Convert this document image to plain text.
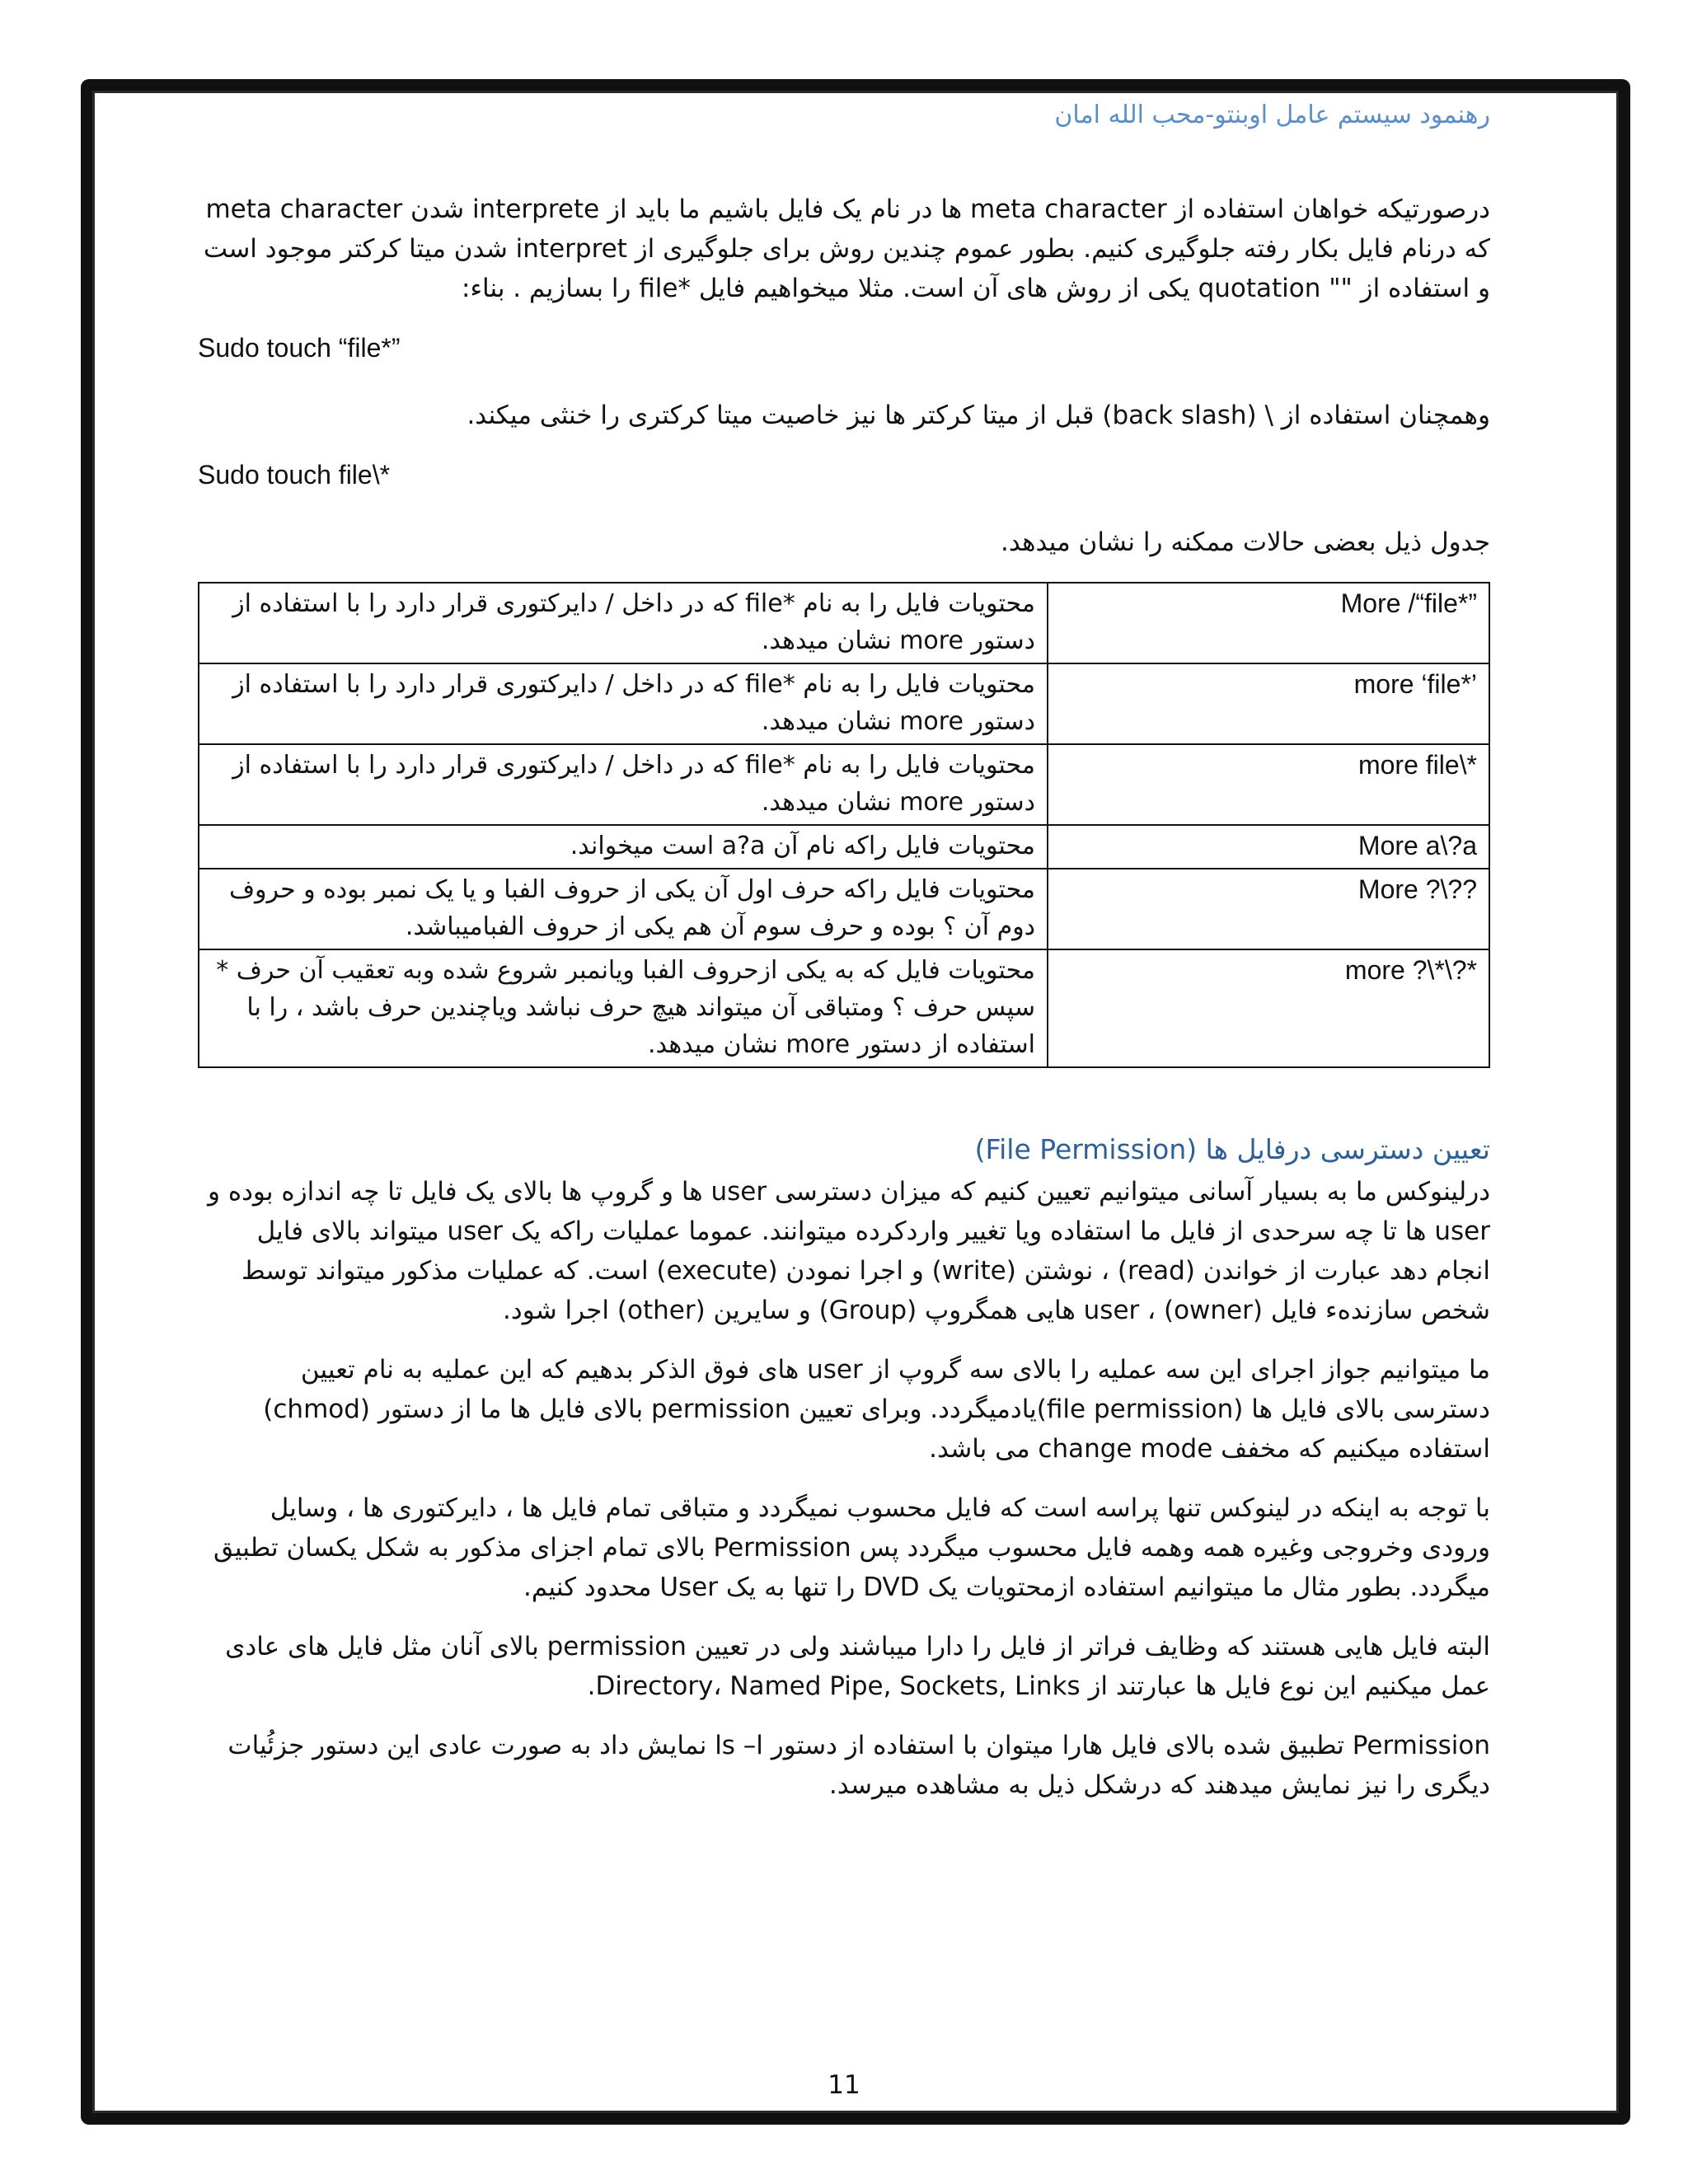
رهنمود سیستم عامل اوبنتو-محب الله امان

درصورتیکه خواهان استفاده از meta character ها در نام یک فایل باشیم ما باید از interprete شدن meta character که درنام فایل بکار رفته جلوگیری کنیم. بطور عموم چندین روش برای جلوگیری از interpret شدن میتا کرکتر موجود است و استفاده از "" quotation یکی از روش های آن است. مثلا میخواهیم فایل *file را بسازیم . بناء:

Sudo touch “file*”

وهمچنان استفاده از \ (back slash) قبل از میتا کرکتر ها نیز خاصیت میتا کرکتری را خنثی میکند.

Sudo touch file\*

جدول ذیل بعضی حالات ممکنه را نشان میدهد.

More /“file*”	محتویات فایل را به نام *file که در داخل / دایرکتوری قرار دارد را با استفاده از دستور more نشان میدهد.
more ‘file*’	محتویات فایل را به نام *file که در داخل / دایرکتوری قرار دارد را با استفاده از دستور more نشان میدهد.
more file\*	محتویات فایل را به نام *file که در داخل / دایرکتوری قرار دارد را با استفاده از دستور more نشان میدهد.
More a\?a	محتویات فایل راکه نام آن a?a است میخواند.
More ?\??	محتویات فایل راکه حرف اول آن یکی از حروف الفبا و یا یک نمبر بوده و حروف دوم آن ؟ بوده و حرف سوم آن هم یکی از حروف الفبامیباشد.
more ?\*\?*	محتویات فایل که به یکی ازحروف الفبا ویانمبر شروع شده وبه تعقیب آن حرف * سپس حرف ؟ ومتباقی آن میتواند هیچ حرف نباشد ویاچندین حرف باشد ، را با استفاده از دستور more نشان میدهد.
تعیین دسترسی درفایل ها (File Permission)

درلینوکس ما به بسیار آسانی میتوانیم تعیین کنیم که میزان دسترسی user ها و گروپ ها بالای یک فایل تا چه اندازه بوده و user ها تا چه سرحدی از فایل ما استفاده ویا تغییر واردکرده میتوانند. عموما عملیات راکه یک user میتواند بالای فایل انجام دهد عبارت از خواندن (read) ، نوشتن (write) و اجرا نمودن (execute) است. که عملیات مذکور میتواند توسط شخص سازندهء فایل (owner) ، user هایی همگروپ (Group) و سایرین (other) اجرا شود.

ما میتوانیم جواز اجرای این سه عملیه را بالای سه گروپ از user های فوق الذکر بدهیم که این عملیه به نام تعیین دسترسی بالای فایل ها (file permission)یادمیگردد. وبرای تعیین permission بالای فایل ها ما از دستور (chmod) استفاده میکنیم که مخفف change mode می باشد.

با توجه به اینکه در لینوکس تنها پراسه است که فایل محسوب نمیگردد و متباقی تمام فایل ها ، دایرکتوری ها ، وسایل ورودی وخروجی وغیره همه وهمه فایل محسوب میگردد پس Permission بالای تمام اجزای مذکور به شکل یکسان تطبیق میگردد. بطور مثال ما میتوانیم استفاده ازمحتویات یک DVD را تنها به یک User محدود کنیم.

البته فایل هایی هستند که وظایف فراتر از فایل را دارا میباشند ولی در تعیین permission بالای آنان مثل فایل های عادی عمل میکنیم این نوع فایل ها عبارتند از Directory، Named Pipe, Sockets, Links.

Permission تطبیق شده بالای فایل هارا میتوان با استفاده از دستور ls –l نمایش داد به صورت عادی این دستور جزئُیات دیگری را نیز نمایش میدهند که درشکل ذیل به مشاهده میرسد.

11
